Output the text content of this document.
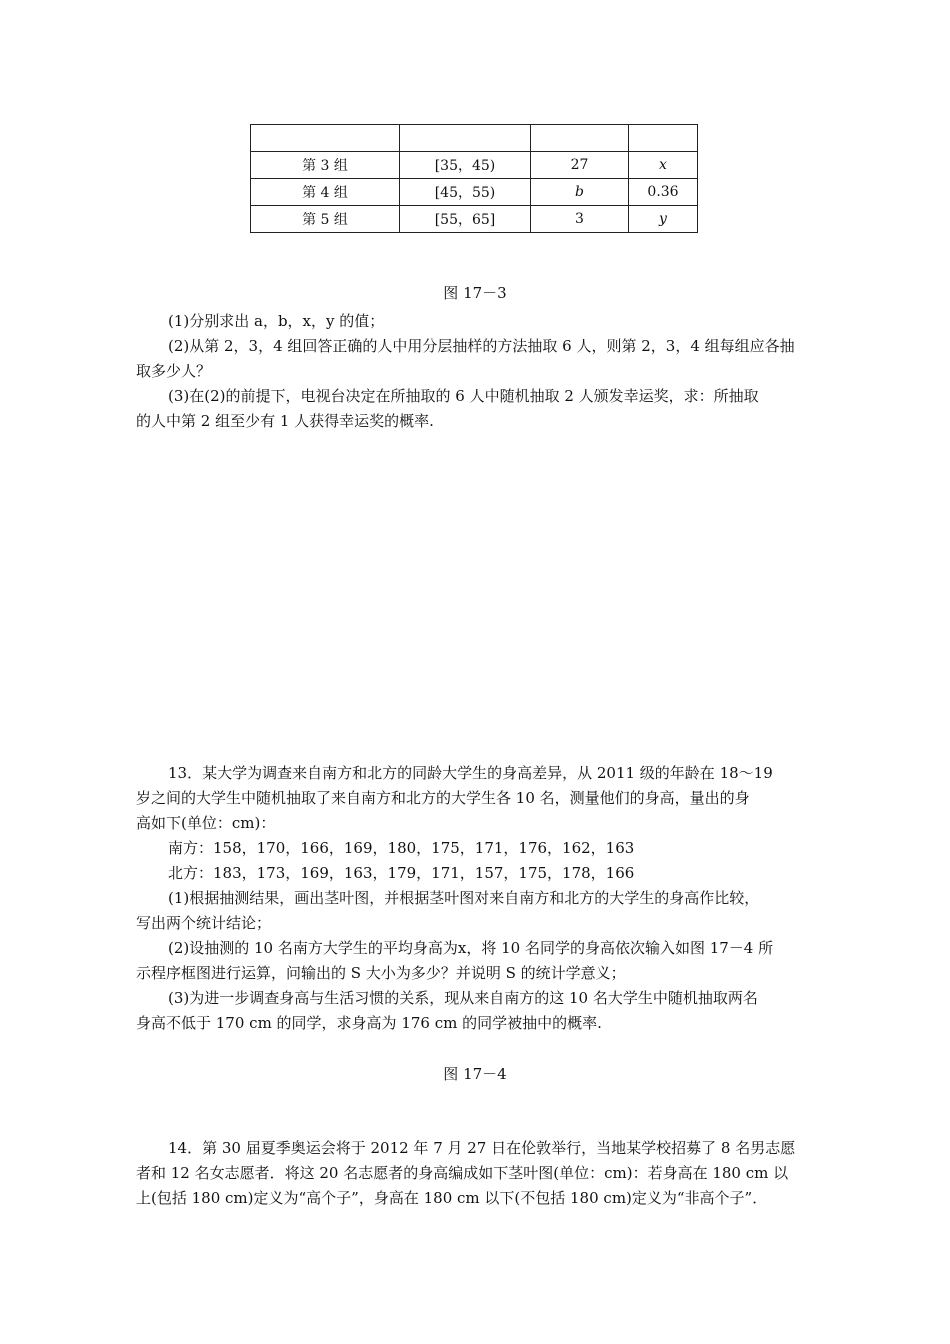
第 3 组	[35，45)	27	x
第 4 组	[45，55)	b	0.36
第 5 组	[55，65]	3	y
图 17－3
(1)分别求出 a，b，x，y 的值；
(2)从第 2，3，4 组回答正确的人中用分层抽样的方法抽取 6 人，则第 2，3，4 组每组应各抽
取多少人？
(3)在(2)的前提下，电视台决定在所抽取的 6 人中随机抽取 2 人颁发幸运奖，求：所抽取
的人中第 2 组至少有 1 人获得幸运奖的概率.
13．某大学为调查来自南方和北方的同龄大学生的身高差异，从 2011 级的年龄在 18～19
岁之间的大学生中随机抽取了来自南方和北方的大学生各 10 名，测量他们的身高，量出的身
高如下(单位：cm)：
南方：158，170，166，169，180，175，171，176，162，163
北方：183，173，169，163，179，171，157，175，178，166
(1)根据抽测结果，画出茎叶图，并根据茎叶图对来自南方和北方的大学生的身高作比较，
写出两个统计结论；
(2)设抽测的 10 名南方大学生的平均身高为x，将 10 名同学的身高依次输入如图 17－4 所
示程序框图进行运算，问输出的 S 大小为多少？并说明 S 的统计学意义；
(3)为进一步调查身高与生活习惯的关系，现从来自南方的这 10 名大学生中随机抽取两名
身高不低于 170 cm 的同学，求身高为 176 cm 的同学被抽中的概率.
图 17－4
14．第 30 届夏季奥运会将于 2012 年 7 月 27 日在伦敦举行，当地某学校招募了 8 名男志愿
者和 12 名女志愿者．将这 20 名志愿者的身高编成如下茎叶图(单位：cm)：若身高在 180 cm 以
上(包括 180 cm)定义为“高个子”，身高在 180 cm 以下(不包括 180 cm)定义为“非高个子”．
